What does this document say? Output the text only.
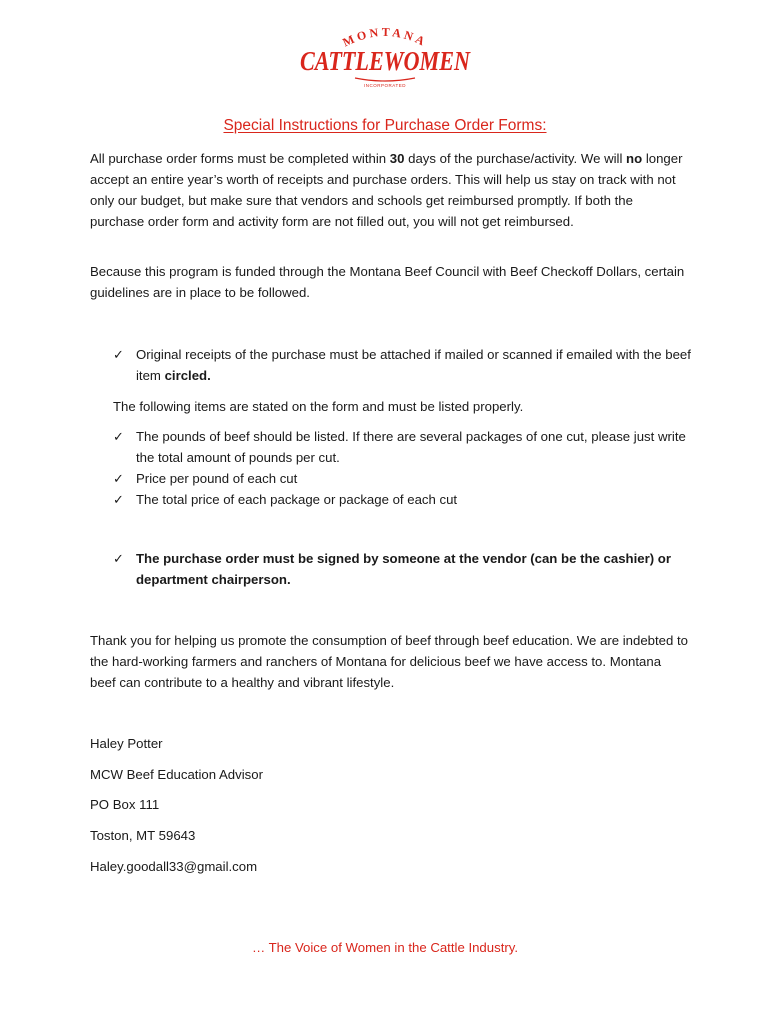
MONTANA
CATTLEWOMEN
INCORPORATED
Special Instructions for Purchase Order Forms:
All purchase order forms must be completed within 30 days of the purchase/activity. We will no longer accept an entire year’s worth of receipts and purchase orders. This will help us stay on track with not only our budget, but make sure that vendors and schools get reimbursed promptly. If both the purchase order form and activity form are not filled out, you will not get reimbursed.
Because this program is funded through the Montana Beef Council with Beef Checkoff Dollars, certain guidelines are in place to be followed.
✓ Original receipts of the purchase must be attached if mailed or scanned if emailed with the beef item circled.
The following items are stated on the form and must be listed properly.
✓ The pounds of beef should be listed. If there are several packages of one cut, please just write the total amount of pounds per cut.
✓ Price per pound of each cut
✓ The total price of each package or package of each cut
✓ The purchase order must be signed by someone at the vendor (can be the cashier) or department chairperson.
Thank you for helping us promote the consumption of beef through beef education. We are indebted to the hard-working farmers and ranchers of Montana for delicious beef we have access to. Montana beef can contribute to a healthy and vibrant lifestyle.
Haley Potter
MCW Beef Education Advisor
PO Box 111
Toston, MT 59643
Haley.goodall33@gmail.com
… The Voice of Women in the Cattle Industry.
